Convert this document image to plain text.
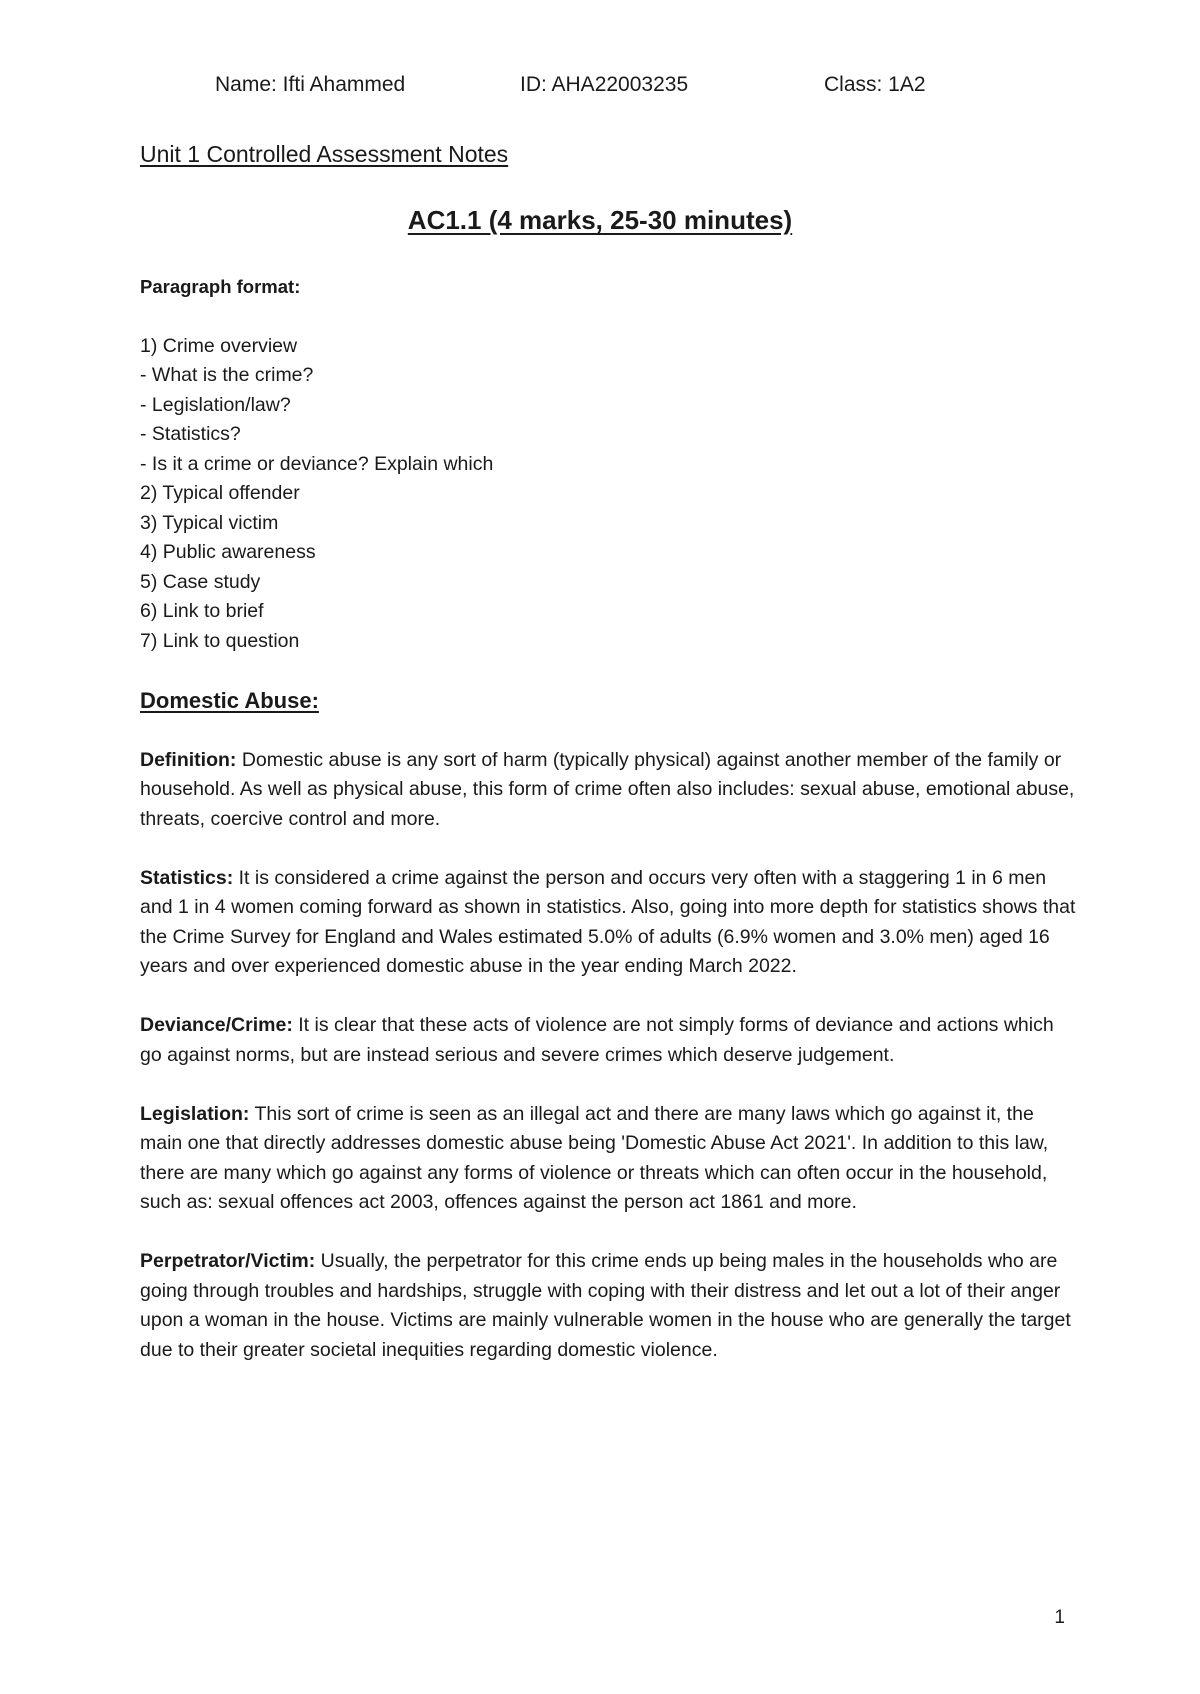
Name: Ifti Ahammed	ID: AHA22003235	Class: 1A2
Unit 1 Controlled Assessment Notes
AC1.1 (4 marks, 25-30 minutes)
Paragraph format:
1) Crime overview
- What is the crime?
- Legislation/law?
- Statistics?
- Is it a crime or deviance? Explain which
2) Typical offender
3) Typical victim
4) Public awareness
5) Case study
6) Link to brief
7) Link to question
Domestic Abuse:
Definition: Domestic abuse is any sort of harm (typically physical) against another member of the family or household. As well as physical abuse, this form of crime often also includes: sexual abuse, emotional abuse, threats, coercive control and more.
Statistics: It is considered a crime against the person and occurs very often with a staggering 1 in 6 men and 1 in 4 women coming forward as shown in statistics. Also, going into more depth for statistics shows that the Crime Survey for England and Wales estimated 5.0% of adults (6.9% women and 3.0% men) aged 16 years and over experienced domestic abuse in the year ending March 2022.
Deviance/Crime: It is clear that these acts of violence are not simply forms of deviance and actions which go against norms, but are instead serious and severe crimes which deserve judgement.
Legislation: This sort of crime is seen as an illegal act and there are many laws which go against it, the main one that directly addresses domestic abuse being 'Domestic Abuse Act 2021'. In addition to this law, there are many which go against any forms of violence or threats which can often occur in the household, such as: sexual offences act 2003, offences against the person act 1861 and more.
Perpetrator/Victim: Usually, the perpetrator for this crime ends up being males in the households who are going through troubles and hardships, struggle with coping with their distress and let out a lot of their anger upon a woman in the house. Victims are mainly vulnerable women in the house who are generally the target due to their greater societal inequities regarding domestic violence.
1
